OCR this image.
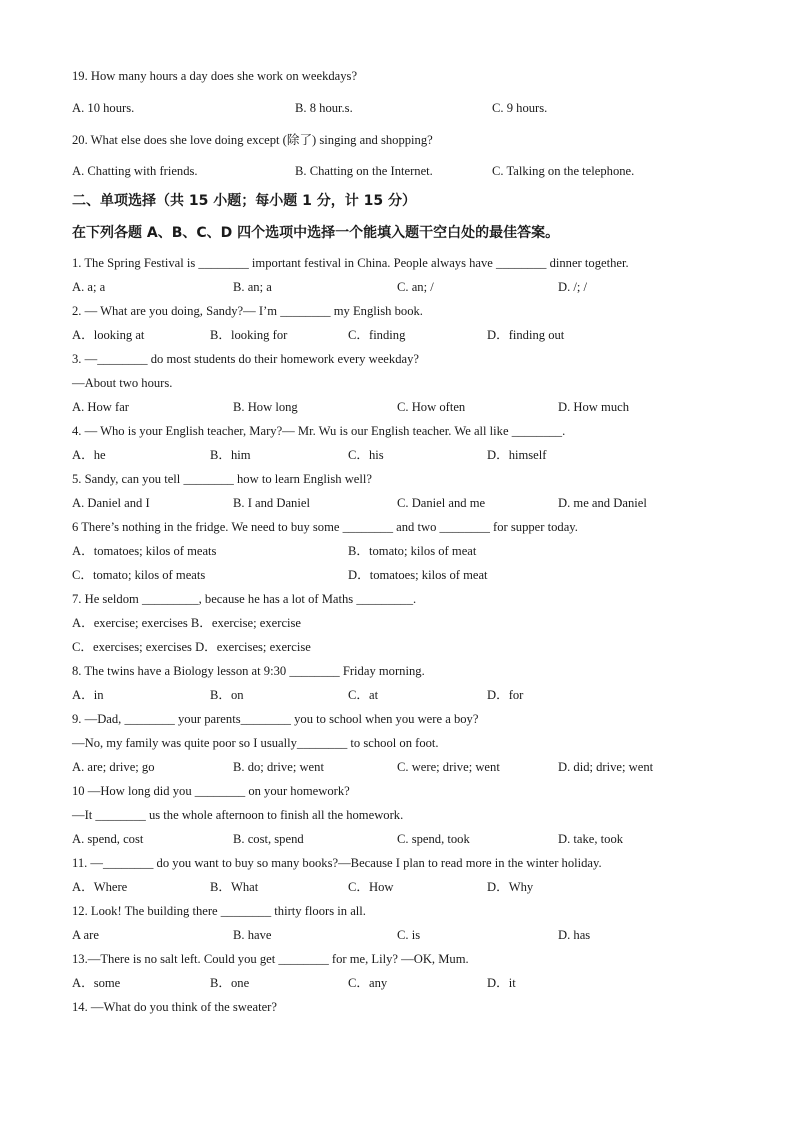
19. How many hours a day does she work on weekdays?
A. 10 hours.	B. 8 hour.s.	C. 9 hours.
20. What else does she love doing except (除了) singing and shopping?
A. Chatting with friends.	B. Chatting on the Internet.	C. Talking on the telephone.
二、单项选择（共 15 小题；每小题 1 分，计 15 分）
在下列各题 A、B、C、D 四个选项中选择一个能填入题干空白处的最佳答案。
1. The Spring Festival is ________ important festival in China. People always have ________ dinner together.
A. a; a	B. an; a	C. an; /	D. /; /
2. — What are you doing, Sandy?— I’m ________ my English book.
A．looking at	B．looking for	C．finding	D．finding out
3. —________ do most students do their homework every weekday?
—About two hours.
A. How far	B. How long	C. How often	D. How much
4. — Who is your English teacher, Mary?— Mr. Wu is our English teacher. We all like ________.
A．he	B．him	C．his	D．himself
5. Sandy, can you tell ________ how to learn English well?
A. Daniel and I	B. I and Daniel	C. Daniel and me	D. me and Daniel
6 There’s nothing in the fridge. We need to buy some ________ and two ________ for supper today.
A．tomatoes; kilos of meats	B．tomato; kilos of meat
C．tomato; kilos of meats	D．tomatoes; kilos of meat
7. He seldom _________, because he has a lot of Maths _________.
A．exercise; exercises B．exercise; exercise
C．exercises; exercises D．exercises; exercise
8. The twins have a Biology lesson at 9:30 ________ Friday morning.
A．in	B．on	C．at	D．for
9. —Dad, ________ your parents________ you to school when you were a boy?
—No, my family was quite poor so I usually________ to school on foot.
A. are; drive; go	B. do; drive; went	C. were; drive; went	D. did; drive; went
10 —How long did you ________ on your homework?
—It ________ us the whole afternoon to finish all the homework.
A. spend, cost	B. cost, spend	C. spend, took	D. take, took
11. —________ do you want to buy so many books?—Because I plan to read more in the winter holiday.
A．Where	B．What	C．How	D．Why
12. Look! The building there ________ thirty floors in all.
A are	B. have	C. is	D. has
13.—There is no salt left. Could you get ________ for me, Lily? —OK, Mum.
A．some	B．one	C．any	D．it
14. —What do you think of the sweater?
